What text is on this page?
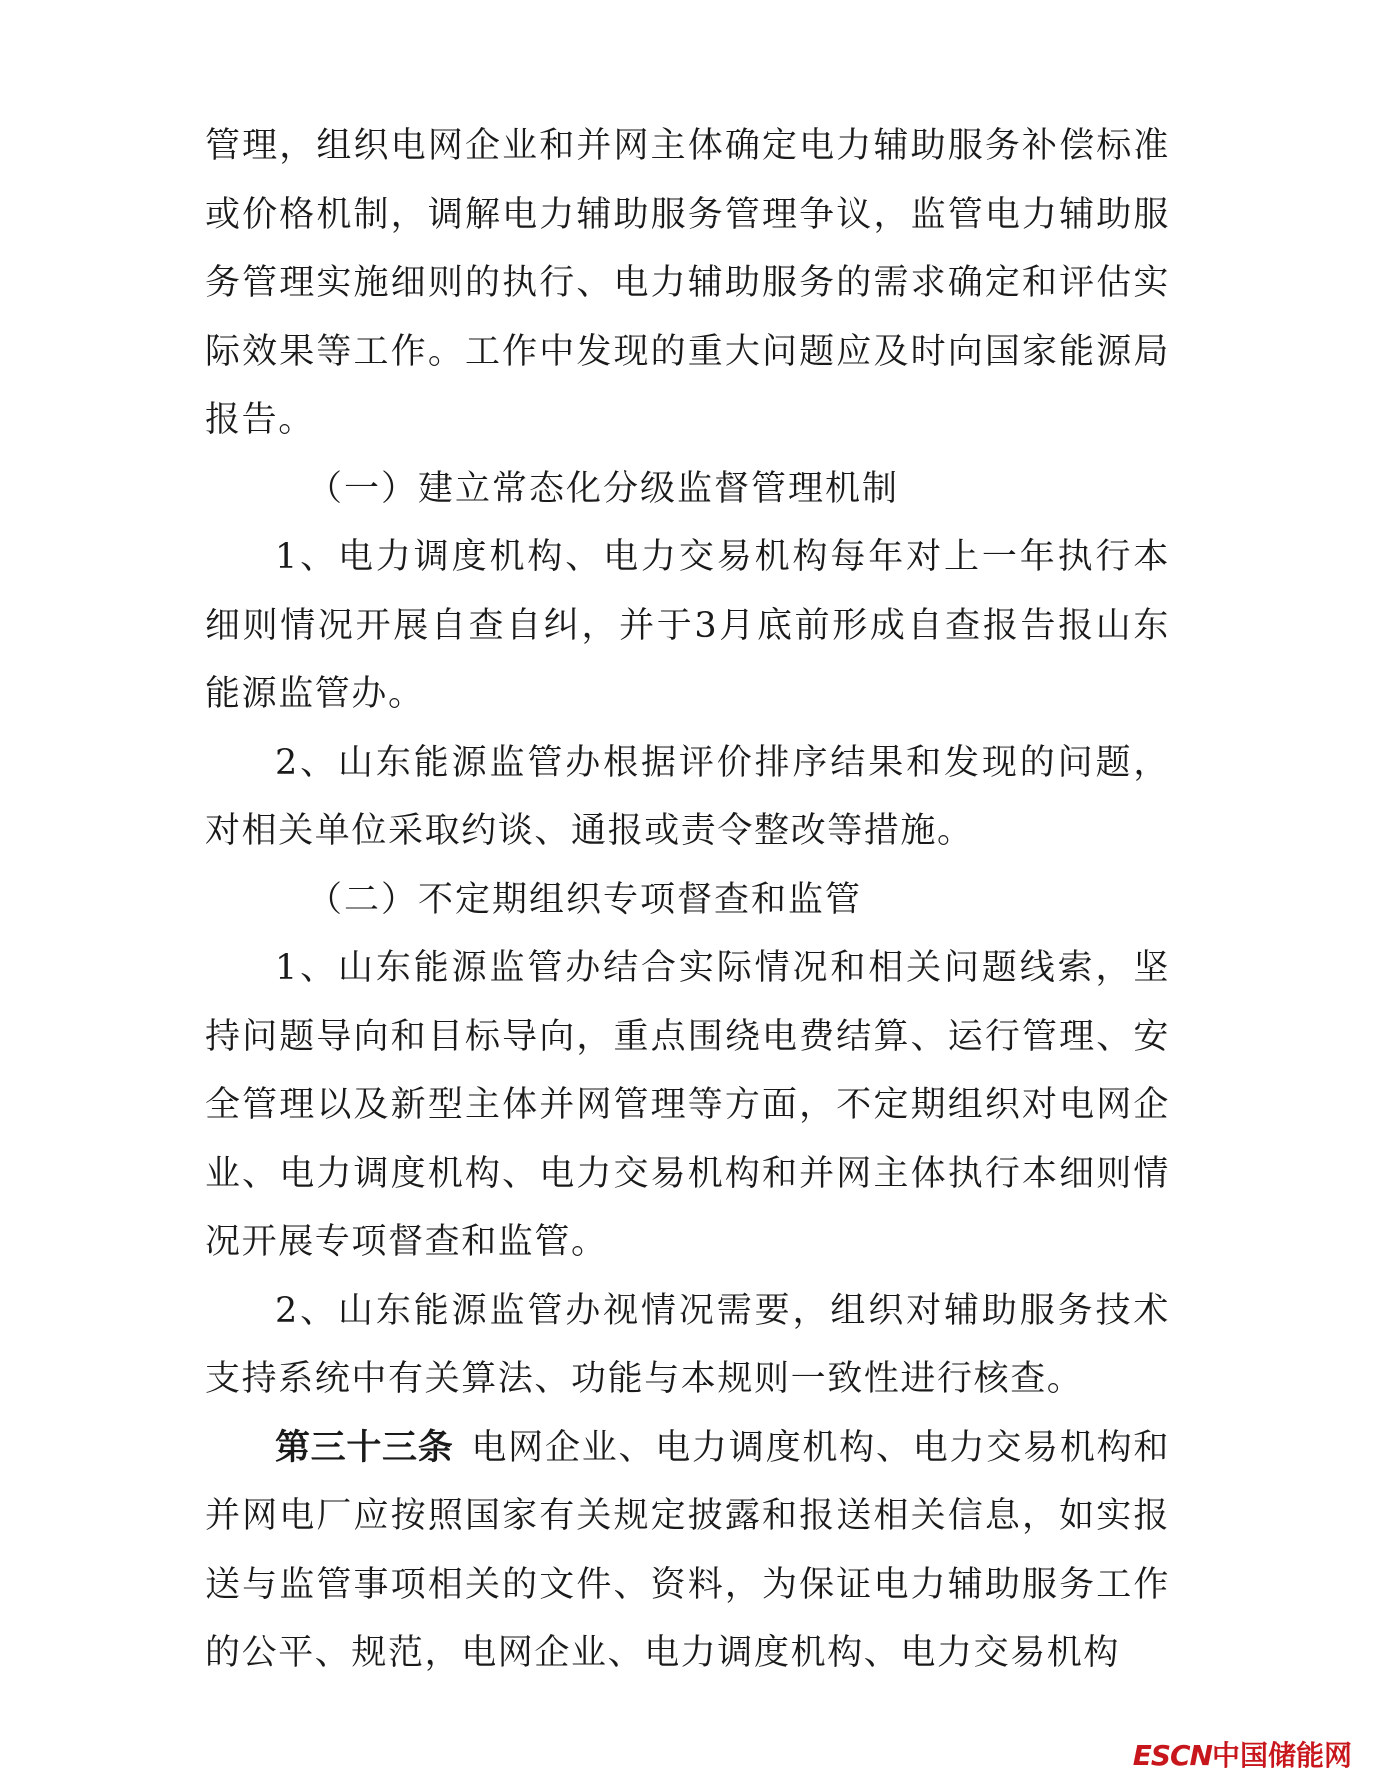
管理，组织电网企业和并网主体确定电力辅助服务补偿标准或价格机制，调解电力辅助服务管理争议，监管电力辅助服务管理实施细则的执行、电力辅助服务的需求确定和评估实际效果等工作。工作中发现的重大问题应及时向国家能源局报告。

（一）建立常态化分级监督管理机制

1、电力调度机构、电力交易机构每年对上一年执行本细则情况开展自查自纠，并于3月底前形成自查报告报山东能源监管办。

2、山东能源监管办根据评价排序结果和发现的问题，对相关单位采取约谈、通报或责令整改等措施。

（二）不定期组织专项督查和监管

1、山东能源监管办结合实际情况和相关问题线索，坚持问题导向和目标导向，重点围绕电费结算、运行管理、安全管理以及新型主体并网管理等方面，不定期组织对电网企业、电力调度机构、电力交易机构和并网主体执行本细则情况开展专项督查和监管。

2、山东能源监管办视情况需要，组织对辅助服务技术支持系统中有关算法、功能与本规则一致性进行核查。

第三十三条 电网企业、电力调度机构、电力交易机构和并网电厂应按照国家有关规定披露和报送相关信息，如实报送与监管事项相关的文件、资料，为保证电力辅助服务工作的公平、规范，电网企业、电力调度机构、电力交易机构

ESCN中国储能网
